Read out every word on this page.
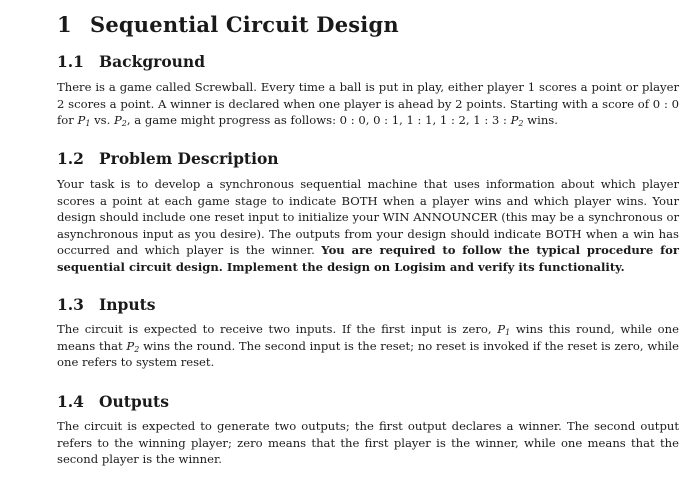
1 Sequential Circuit Design
1.1 Background

There is a game called Screwball. Every time a ball is put in play, either player 1 scores a point or player 2 scores a point. A winner is declared when one player is ahead by 2 points. Starting with a score of 0 : 0 for $P_1$ vs. $P_2$, a game might progress as follows: 0 : 0, 0 : 1, 1 : 1, 1 : 2, 1 : 3 : $P_2$ wins.

1.2 Problem Description

Your task is to develop a synchronous sequential machine that uses information about which player scores a point at each game stage to indicate BOTH when a player wins and which player wins. Your design should include one reset input to initialize your WIN ANNOUNCER (this may be a synchronous or asynchronous input as you desire). The outputs from your design should indicate BOTH when a win has occurred and which player is the winner. You are required to follow the typical procedure for sequential circuit design. Implement the design on Logisim and verify its functionality.

1.3 Inputs

The circuit is expected to receive two inputs. If the first input is zero, $P_1$ wins this round, while one means that $P_2$ wins the round. The second input is the reset; no reset is invoked if the reset is zero, while one refers to system reset.

1.4 Outputs

The circuit is expected to generate two outputs; the first output declares a winner. The second output refers to the winning player; zero means that the first player is the winner, while one means that the second player is the winner.
